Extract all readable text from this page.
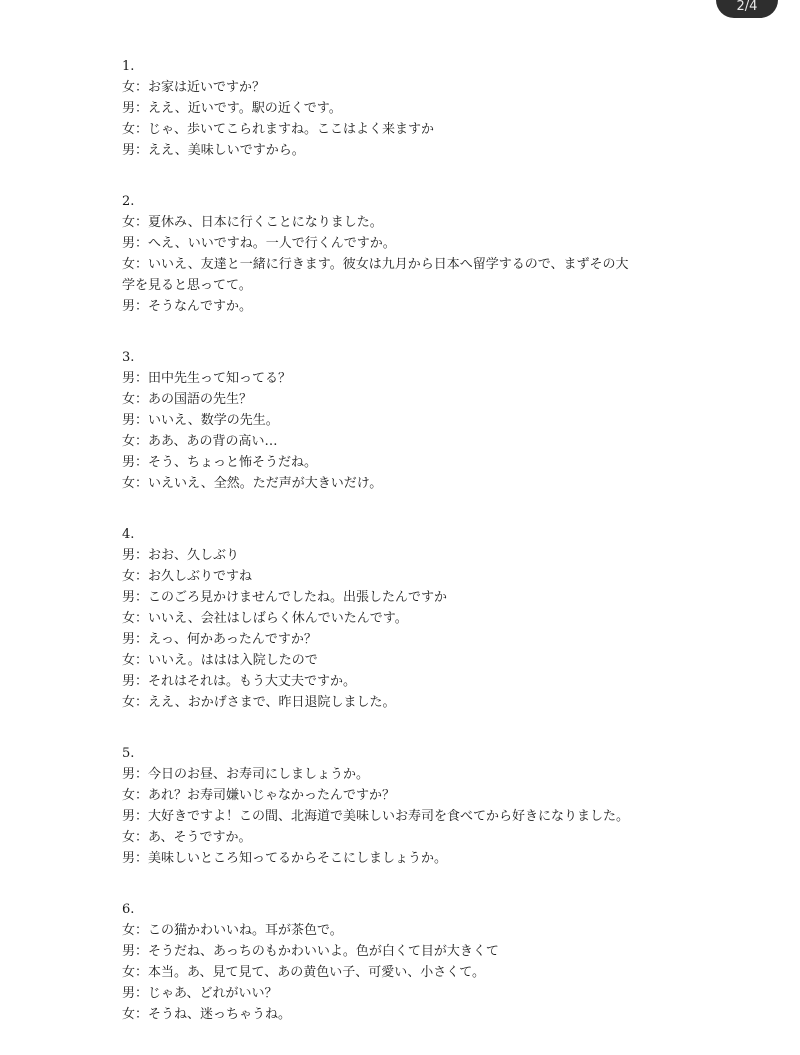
2/4
1.
女：お家は近いですか？
男：ええ、近いです。駅の近くです。
女：じゃ、歩いてこられますね。ここはよく来ますか
男：ええ、美味しいですから。
2.
女：夏休み、日本に行くことになりました。
男：へえ、いいですね。一人で行くんですか。
女：いいえ、友達と一緒に行きます。彼女は九月から日本へ留学するので、まずその大
学を見ると思ってて。
男：そうなんですか。
3.
男：田中先生って知ってる？
女：あの国語の先生？
男：いいえ、数学の先生。
女：ああ、あの背の高い…
男：そう、ちょっと怖そうだね。
女：いえいえ、全然。ただ声が大きいだけ。
4.
男：おお、久しぶり
女：お久しぶりですね
男：このごろ見かけませんでしたね。出張したんですか
女：いいえ、会社はしばらく休んでいたんです。
男：えっ、何かあったんですか？
女：いいえ。ははは入院したので
男：それはそれは。もう大丈夫ですか。
女：ええ、おかげさまで、昨日退院しました。
5.
男：今日のお昼、お寿司にしましょうか。
女：あれ？お寿司嫌いじゃなかったんですか？
男：大好きですよ！この間、北海道で美味しいお寿司を食べてから好きになりました。
女：あ、そうですか。
男：美味しいところ知ってるからそこにしましょうか。
6.
女：この猫かわいいね。耳が茶色で。
男：そうだね、あっちのもかわいいよ。色が白くて目が大きくて
女：本当。あ、見て見て、あの黄色い子、可愛い、小さくて。
男：じゃあ、どれがいい？
女：そうね、迷っちゃうね。
